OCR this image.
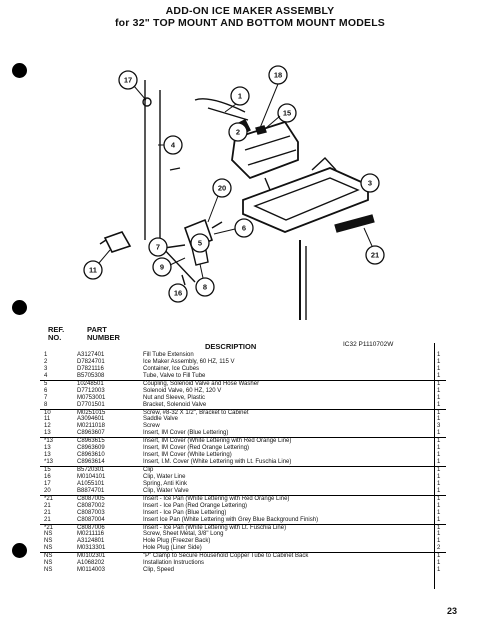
ADD-ON ICE MAKER ASSEMBLY
for 32" TOP MOUNT AND BOTTOM MOUNT MODELS
17
18
1
15
2
4
3
20
6
7
9
5
8
16
11
21
REF.
NO.
PART
NUMBER
DESCRIPTION	IC32 P1110702W
1	A3127401	Fill Tube Extension	1
2	D7824701	Ice Maker Assembly, 60 HZ, 115 V	1
3	D7821116	Container, Ice Cubes	1
4	B5705308	Tube, Valve to Fill Tube	1
5	10248501	Coupling, Solenoid Valve and Hose Washer	1
6	D7712003	Solenoid Valve, 60 HZ, 120 V	1
7	M0753001	Nut and Sleeve, Plastic	1
8	D7701501	Bracket, Solenoid Valve	1
10	M0251015	Screw, #8-32 X 1/2", Bracket to Cabinet	1
11	A3094601	Saddle Valve	1
12	M0211018	Screw	3
13	C8963607	Insert, IM Cover (Blue Lettering)	1
*13	C8963615	Insert, IM Cover (White Lettering with Red Orange Line)	1
13	C8963609	Insert, IM Cover (Red Orange Lettering)	1
13	C8963610	Insert, IM Cover (White Lettering)	1
*13	C8963614	Insert, I.M. Cover (White Lettering with Lt. Fuschia Line)	1
15	B5720301	Clip	1
16	M0104101	Clip, Water Line	1
17	A1055101	Spring, Anti Kink	1
20	B8874701	Clip, Water Valve	1
*21	C8087005	Insert - Ice Pan (White Lettering with Red Orange Line)	1
21	C8087002	Insert - Ice Pan (Red Orange Lettering)	1
21	C8087003	Insert - Ice Pan (Blue Lettering)	1
21	C8087004	Insert Ice Pan (White Lettering with Grey Blue Background Finish)	1
*21	C8087006	Insert - Ice Pan (White Lettering with Lt. Fuschia Line)	1
NS	M0211116	Screw, Sheet Metal, 3/8" Long	1
NS	A3124801	Hole Plug (Freezer Back)	1
NS	M0313301	Hole Plug (Liner Side)	2
NS	M0102301	"P" Clamp to Secure Household Copper Tube to Cabinet Back	1
NS	A1068202	Installation Instructions	1
NS	M0114003	Clip, Speed	1
23
